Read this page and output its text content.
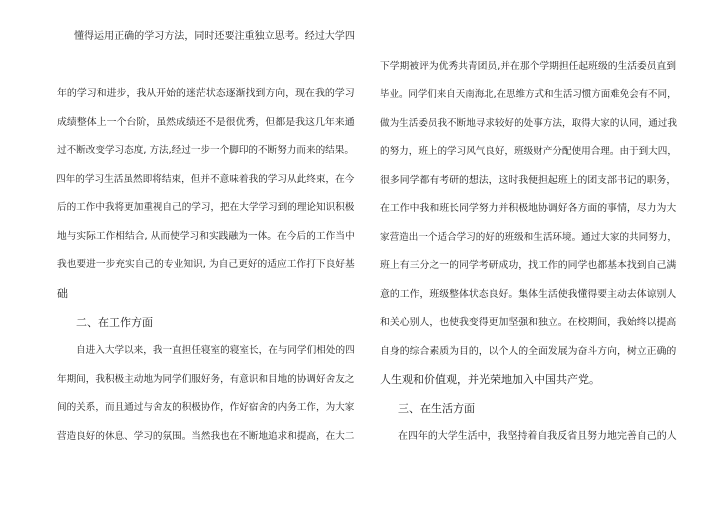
懂得运用正确的学习方法，同时还要注重独立思考。经过大学四
年的学习和进步，我从开始的迷茫状态逐渐找到方向，现在我的学习
成绩整体上一个台阶，虽然成绩还不是很优秀，但都是我这几年来通
过不断改变学习态度, 方法,经过一步一个脚印的不断努力而来的结果。
四年的学习生活虽然即将结束，但并不意味着我的学习从此终束，在今
后的工作中我将更加重视自己的学习，把在大学学习到的理论知识积极
地与实际工作相结合, 从而使学习和实践融为一体。在今后的工作当中
我也要进一步充实自己的专业知识, 为自己更好的适应工作打下良好基
础
二、在工作方面
自进入大学以来，我一直担任寝室的寝室长，在与同学们相处的四
年期间，我积极主动地为同学们服好务，有意识和目地的协调好舍友之
间的关系，而且通过与舍友的积极协作，作好宿舍的内务工作，为大家
营造良好的休息、学习的氛围。当然我也在不断地追求和提高，在大二
下学期被评为优秀共青团员,并在那个学期担任起班级的生活委员直到
毕业。同学们来自天南海北,在思维方式和生活习惯方面难免会有不同，
做为生活委员我不断地寻求较好的处事方法，取得大家的认同，通过我
的努力，班上的学习风气良好，班级财产分配使用合理。由于到大四，
很多同学都有考研的想法，这时我便担起班上的团支部书记的职务，
在工作中我和班长同学努力并积极地协调好各方面的事情，尽力为大
家营造出一个适合学习的好的班级和生活环境。通过大家的共同努力，
班上有三分之一的同学考研成功，找工作的同学也都基本找到自己满
意的工作，班级整体状态良好。集体生活使我懂得要主动去体谅别人
和关心别人，也使我变得更加坚强和独立。在校期间，我始终以提高
自身的综合素质为目的，以个人的全面发展为奋斗方向，树立正确的
人生观和价值观，并光荣地加入中国共产党。
三、在生活方面
在四年的大学生活中，我坚持着自我反省且努力地完善自己的人
